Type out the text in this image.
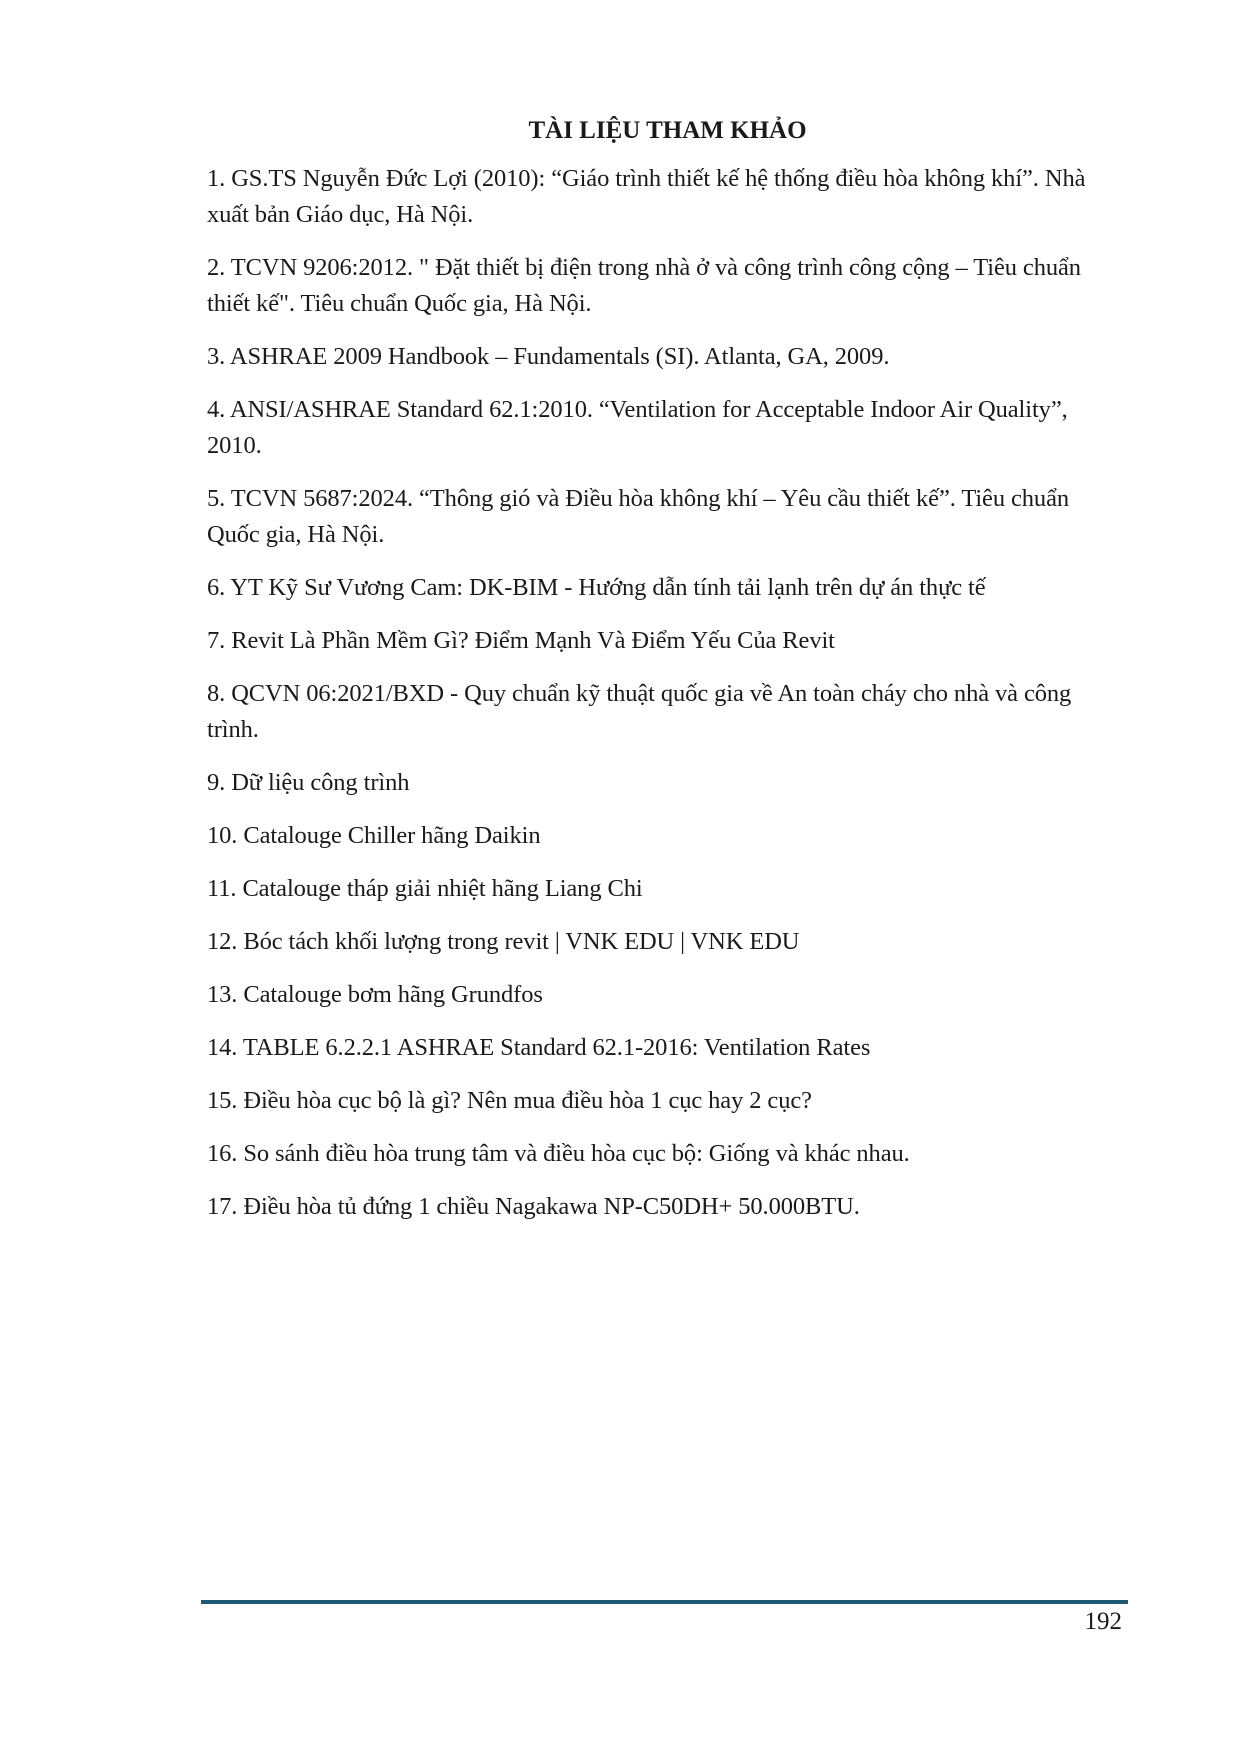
TÀI LIỆU THAM KHẢO
1. GS.TS Nguyễn Đức Lợi (2010): “Giáo trình thiết kế hệ thống điều hòa không khí”. Nhà xuất bản Giáo dục, Hà Nội.
2. TCVN 9206:2012. " Đặt thiết bị điện trong nhà ở và công trình công cộng – Tiêu chuẩn thiết kế". Tiêu chuẩn Quốc gia, Hà Nội.
3. ASHRAE 2009 Handbook – Fundamentals (SI). Atlanta, GA, 2009.
4. ANSI/ASHRAE Standard 62.1:2010. “Ventilation for Acceptable Indoor Air Quality”, 2010.
5. TCVN 5687:2024. “Thông gió và Điều hòa không khí – Yêu cầu thiết kế”. Tiêu chuẩn Quốc gia, Hà Nội.
6. YT Kỹ Sư Vương Cam: DK-BIM - Hướng dẫn tính tải lạnh trên dự án thực tế
7. Revit Là Phần Mềm Gì? Điểm Mạnh Và Điểm Yếu Của Revit
8. QCVN 06:2021/BXD - Quy chuẩn kỹ thuật quốc gia về An toàn cháy cho nhà và công trình.
9. Dữ liệu công trình
10. Catalouge Chiller hãng Daikin
11. Catalouge tháp giải nhiệt hãng Liang Chi
12. Bóc tách khối lượng trong revit | VNK EDU | VNK EDU
13. Catalouge bơm hãng Grundfos
14. TABLE 6.2.2.1 ASHRAE Standard 62.1-2016: Ventilation Rates
15. Điều hòa cục bộ là gì? Nên mua điều hòa 1 cục hay 2 cục?
16. So sánh điều hòa trung tâm và điều hòa cục bộ: Giống và khác nhau.
17. Điều hòa tủ đứng 1 chiều Nagakawa NP-C50DH+ 50.000BTU.
192
